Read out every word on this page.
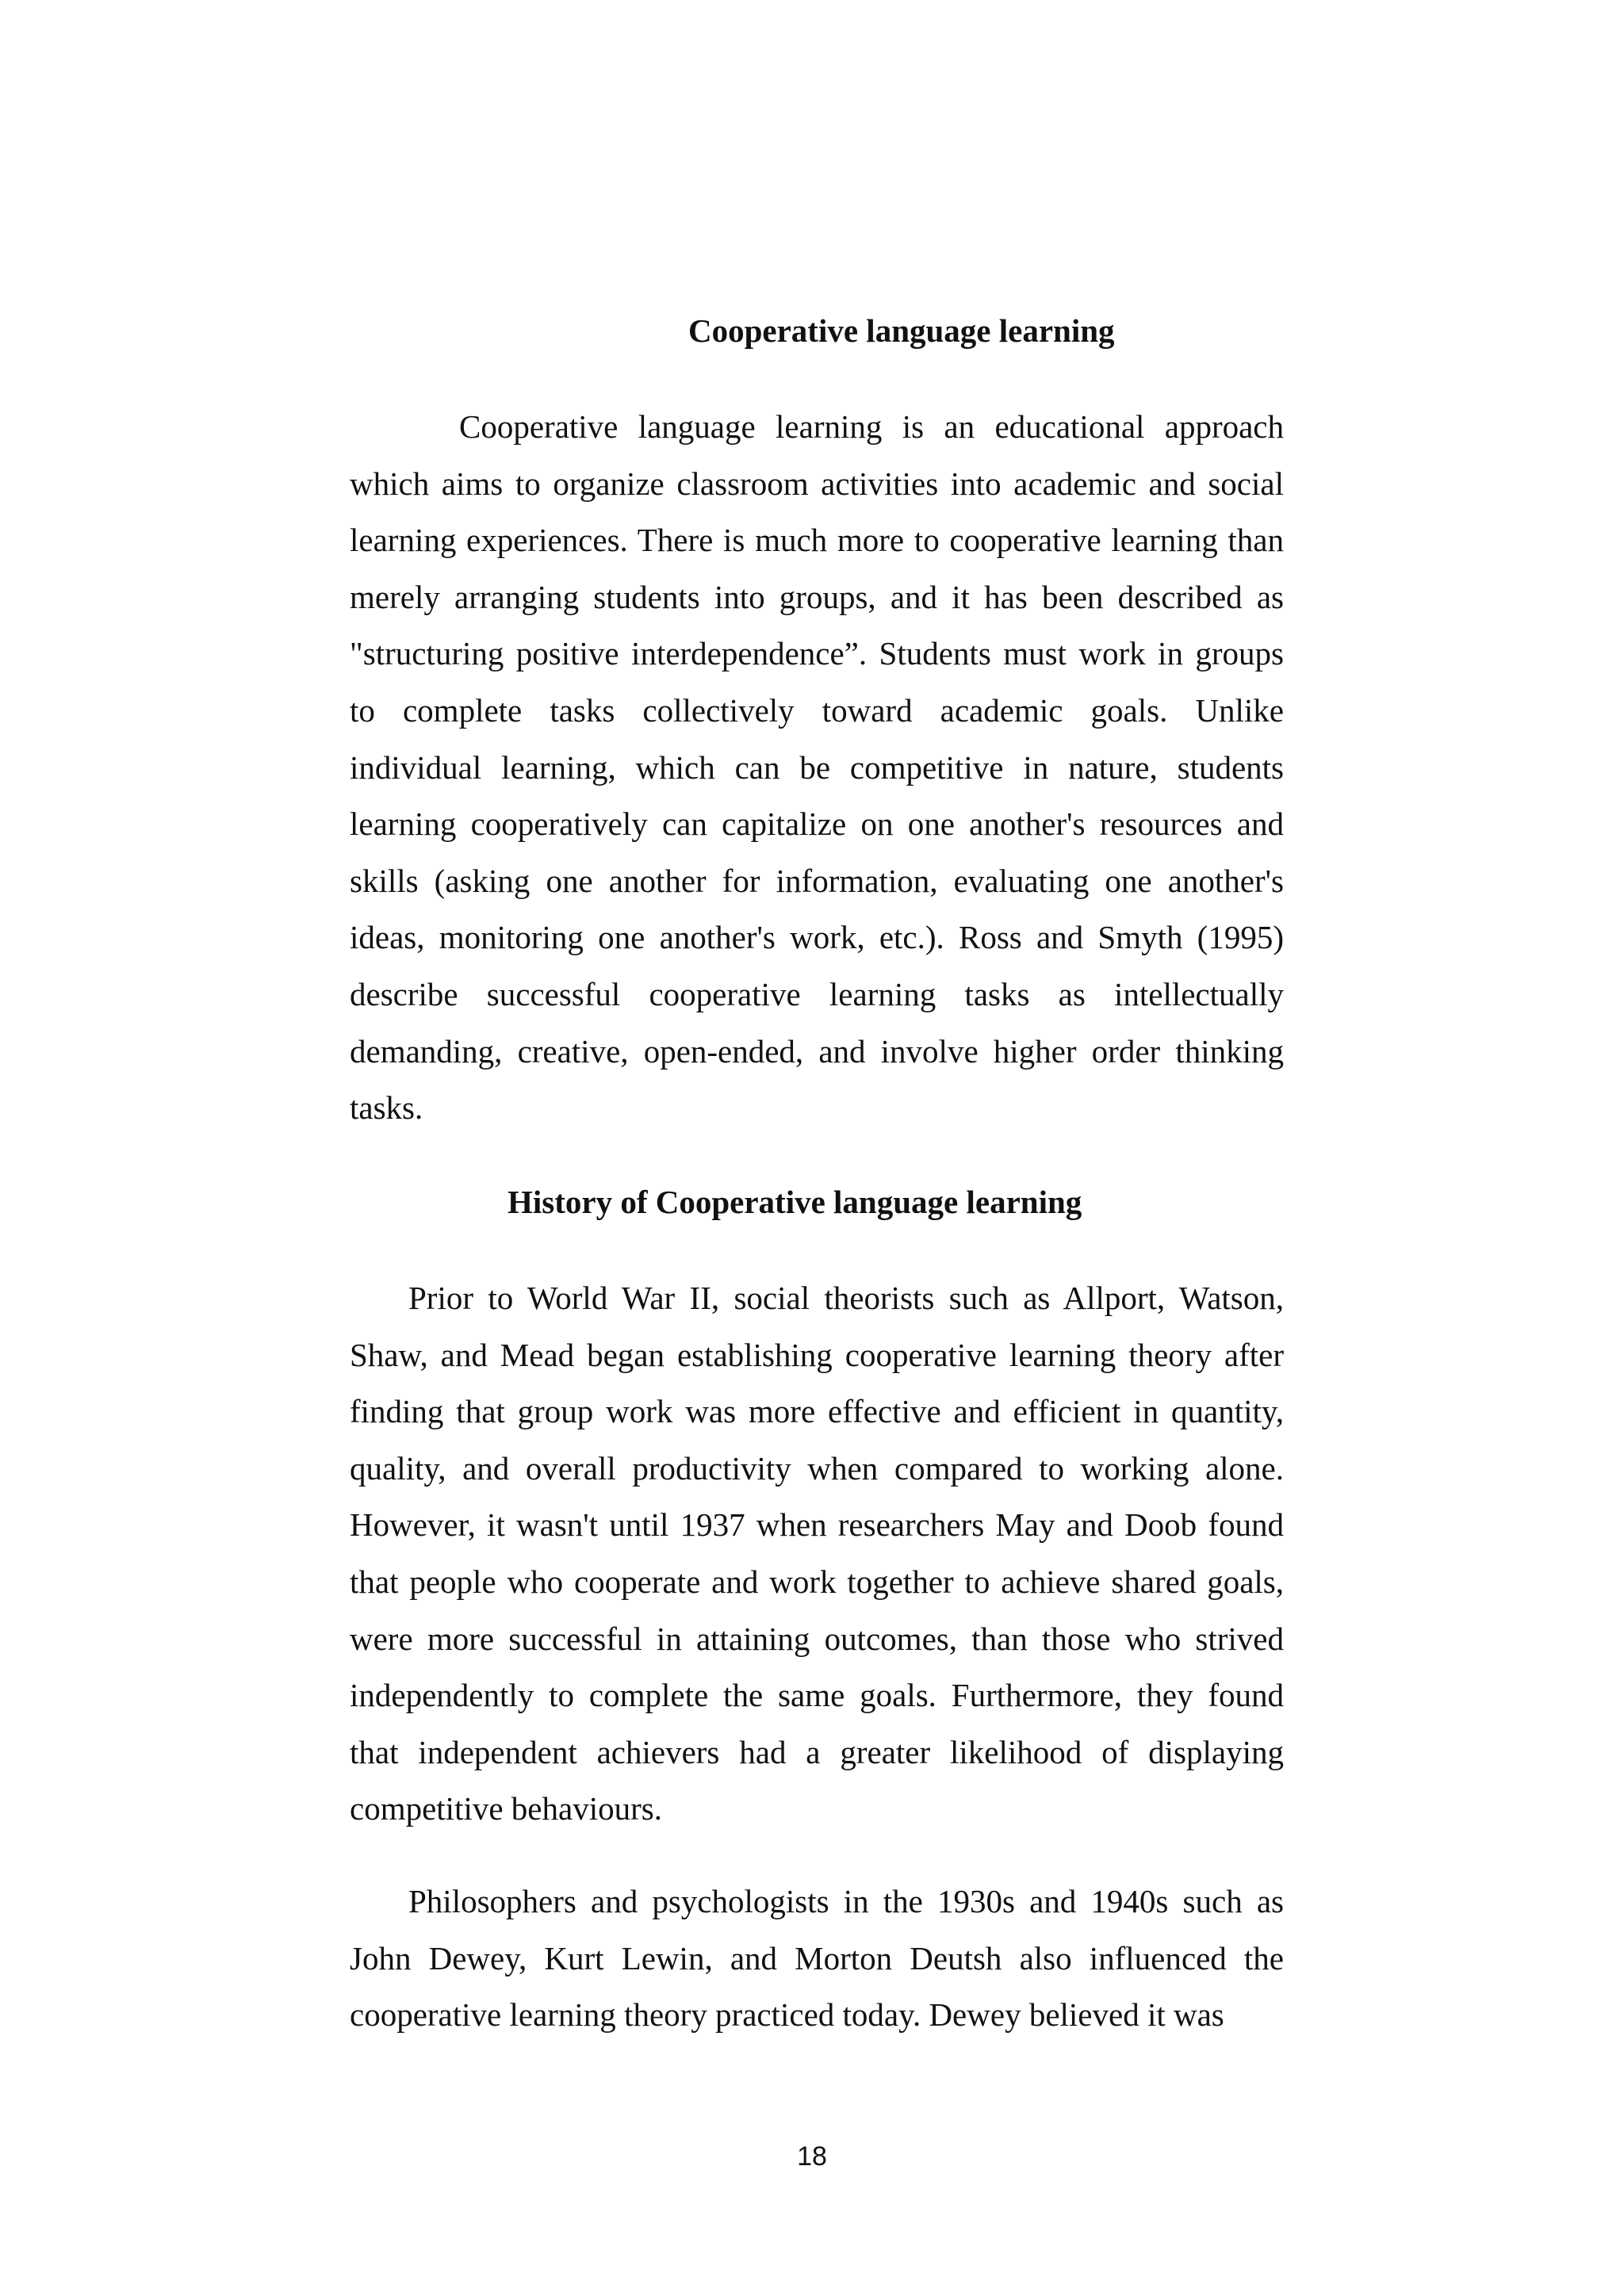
Cooperative language learning

Cooperative language learning is an educational approach which aims to organize classroom activities into academic and social learning experiences. There is much more to cooperative learning than merely arranging students into groups, and it has been described as "structuring positive interdependence”. Students must work in groups to complete tasks collectively toward academic goals. Unlike individual learning, which can be competitive in nature, students learning cooperatively can capitalize on one another's resources and skills (asking one another for information, evaluating one another's ideas, monitoring one another's work, etc.). Ross and Smyth (1995) describe successful cooperative learning tasks as intellectually demanding, creative, open-ended, and involve higher order thinking tasks.

History of Cooperative language learning

Prior to World War II, social theorists such as Allport, Watson, Shaw, and Mead began establishing cooperative learning theory after finding that group work was more effective and efficient in quantity, quality, and overall productivity when compared to working alone. However, it wasn't until 1937 when researchers May and Doob found that people who cooperate and work together to achieve shared goals, were more successful in attaining outcomes, than those who strived independently to complete the same goals. Furthermore, they found that independent achievers had a greater likelihood of displaying competitive behaviours.

Philosophers and psychologists in the 1930s and 1940s such as John Dewey, Kurt Lewin, and Morton Deutsh also influenced the cooperative learning theory practiced today. Dewey believed it was

18
